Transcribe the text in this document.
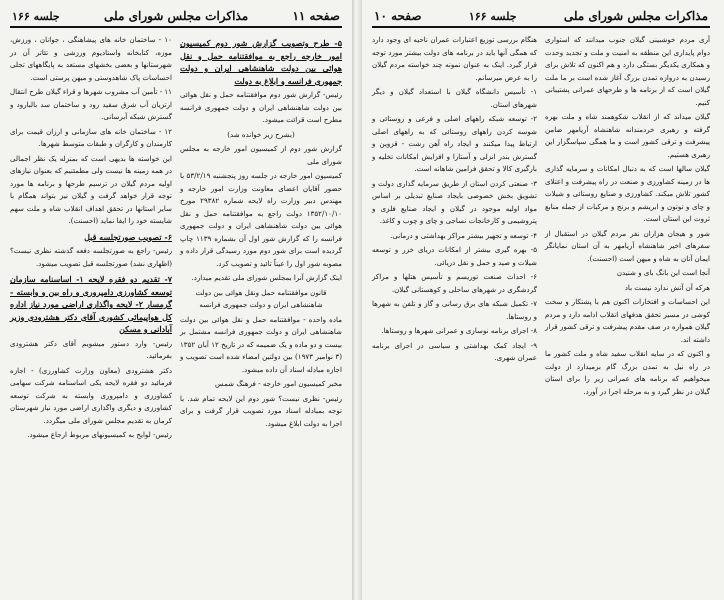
صفحه ۱۱
مذاکرات مجلس شورای ملی
جلسه ۱۶۶
۵- طرح وتصویب گزارش شور دوم کمیسیون امور خارجه راجع به موافقتنامه حمل و نقل هوائی بین دولت شاهنشاهی ایران و دولت جمهوری فرانسه و ابلاغ به دولت

رئیس- گزارش شور دوم موافقتنامه حمل و نقل هوائی بین دولت شاهنشاهی ایران و دولت جمهوری فرانسه مطرح است قرائت میشود.

(بشرح زیر خوانده شد)

گزارش شور دوم از کمیسیون امور خارجه به مجلس شورای ملی

کمیسیون امور خارجه در جلسه روز پنجشنبه ۵۳/۲/۱۹ با حضور آقایان اعضای معاونت وزارت امور خارجه و مهندس دبیر وزارت راه لایحه شماره ۲۹۳۸۲ مورخ ۱۳۵۲/۱۰/۱۰ دولت راجع به موافقتنامه حمل و نقل هوائی بین دولت شاهنشاهی ایران و دولت جمهوری فرانسه را که گزارش شور اول آن بشماره ۱۱۳۹ چاپ گردیده است برای شور دوم مورد رسیدگی قرار داده و مصوبه شور اول را عیناً تائید و تصویب کرد.

اینک گزارش آنرا بمجلس شورای ملی تقدیم میدارد.

قانون موافقتنامه حمل ونقل هوائی بین دولت شاهنشاهی ایران و دولت جمهوری فرانسه

ماده واحده - موافقتنامه حمل و نقل هوائی بین دولت شاهنشاهی ایران و دولت جمهوری فرانسه مشتمل بر بیست و دو ماده و یک ضمیمه که در تاریخ ۱۲ آبان ۱۳۵۲ (۳ نوامبر ۱۹۷۳) بین دولتین امضاء شده است تصویب و اجازه مبادله اسناد آن داده میشود.

مخبر کمیسیون امور خارجه - فرهنگ شمس

رئیس- نظری نیست؟ شور دوم این لایحه تمام شد. با توجه بمبادله اسناد مورد تصویب قرار گرفت و برای اجرا به دولت ابلاغ میشود.

۱۰ - ساختمان خانه های پیشاهنگی ، جوانان ، ورزش، موزه، کتابخانه واستادیوم ورزشی و تئاتر آن در شهرستانها و بعضی بخشهای مستعد به پایگاههای تجلی احساسات پاک شاهدوستی و میهن پرستی است.

۱۱ - تأمین آب مشروب شهرها و قراء گیلان طرح انتقال ارتزیان آب شرق سفید رود و ساختمان سد بالبارود و گسترش شبکه آبرسانی.

۱۲ - ساختمان خانه های سازمانی و ارزان قیمت برای کارمندان و کارگران و طبقات متوسط شهرها.

این خواسته ها بدیهی است که بمنزله یک نظر اجمالی در همه زمینه ها نیست ولی مطمئنیم که بعنوان نیازهای اولیه مردم گیلان در ترسیم طرحها و برنامه ها مورد توجه قرار خواهد گرفت و گیلان نیز بتواند همگام با سایر استانها در تحقق اهداف انقلاب شاه و ملت سهم شایسته خود را ایفا نماید (احسنت).

۶- تصویب صورتجلسه قبل

رئیس- راجع به صورتجلسه دفعه گذشته نظری نیست؟ (اظهاری نشد) صورتجلسه قبل تصویب میشود.

۷- تقدیم دو فقره لایحه ۱- اساسنامه سازمان توسعه کشاورزی دامپروری و راه بین و وابسته - گرمسار ۲- لایحه واگذاری اراضی مورد نیاز اداره کل هواپیمائی کشوری آقای دکتر هشترودی وزیر آبادانی و مسکن

رئیس- وارد دستور میشویم آقای دکتر هشترودی بفرمائید.

دکتر هشترودی (معاون وزارت کشاورزی) - اجازه فرمائید دو فقره لایحه یکی اساسنامه شرکت سهامی کشاورزی و دامپروری وابسته به شرکت توسعه کشاورزی و دیگری واگذاری اراضی مورد نیاز شهرستان کرمان به تقدیم مجلس شورای ملی میگردد.

رئیس- لوایح به کمیسیونهای مربوط ارجاع میشود.

مذاکرات مجلس شورای ملی
جلسه ۱۶۶
صفحه ۱۰

آری مردم خوشبینی گیلان جنوب میدانند که استواری دوام پایداری این منطقه به امنیت و ملت و تجدید وحدت و همکاری یکدیگر بستگی دارد و هم اکنون که تلاش برای رسیدن به دروازه تمدن بزرگ آغاز شده است بر ما ملت گیلان است که از برنامه ها و طرحهای عمرانی پشتیبانی کنیم.

گیلان میداند که از انقلاب شکوهمند شاه و ملت بهره گرفته و رهبری خردمندانه شاهنشاه آریامهر ضامن پیشرفت و ترقی کشور است و ما همگی سپاسگزار این رهبری هستیم.

گیلان سالها است که به دنبال امکانات و سرمایه گذاری ها در زمینه کشاورزی و صنعت در راه پیشرفت و اعتلای کشور تلاش میکند. کشاورزی و صنایع روستائی و شیلات و چای و توتون و ابریشم و برنج و مرکبات از جمله منابع ثروت این استان است.

شور و هیجان هزاران نفر مردم گیلان در استقبال از سفرهای اخیر شاهنشاه آریامهر به آن استان نمایانگر ایمان آنان به شاه و میهن است (احسنت).

آنجا است این بانگ بای و شنیدن

هرکه آن آتش ندارد نیست باد

این احساسات و افتخارات اکنون هم با پشتکار و سخت کوشی در مسیر تحقق هدفهای انقلاب ادامه دارد و مردم گیلان همواره در صف مقدم پیشرفت و ترقی کشور قرار داشته اند.

و اکنون که در سایه انقلاب سفید شاه و ملت کشور ما در راه نیل به تمدن بزرگ گام برمیدارد از دولت میخواهیم که برنامه های عمرانی زیر را برای استان گیلان در نظر گیرد و به مرحله اجرا در آورد.

هنگام بررسی توزیع اعتبارات عمران ناحیه ای وجود دارد که همگی آنها باید در برنامه های دولت بیشتر مورد توجه قرار گیرد. اینک به عنوان نمونه چند خواسته مردم گیلان را به عرض میرسانم.

۱- تأسیس دانشگاه گیلان با استعداد گیلان و دیگر شهرهای استان.

۲- توسعه شبکه راههای اصلی و فرعی و روستائی و شوسه کردن راههای روستائی که به راههای اصلی ارتباط پیدا میکنند و ایجاد راه آهن رشت - قزوین و گسترش بندر انزلی و آستارا و افزایش امکانات تخلیه و بارگیری کالا و تحقق فرامین شاهانه است.

۳- صنعتی کردن استان از طریق سرمایه گذاری دولت و تشویق بخش خصوصی بایجاد صنایع تبدیلی بر اساس مواد اولیه موجود در گیلان و ایجاد صنایع فلزی و پتروشیمی و کارخانجات نساجی و چای و چوب و کاغذ.

۴- توسعه و تجهیز بیشتر مراکز بهداشتی و درمانی.

۵- بهره گیری بیشتر از امکانات دریای خزر و توسعه شیلات و صید و حمل و نقل دریائی.

۶- احداث صنعت توریسم و تأسیس هتلها و مراکز گردشگری در شهرهای ساحلی و کوهستانی گیلان.

۷- تکمیل شبکه های برق رسانی و گاز و تلفن به شهرها و روستاها.

۸- اجرای برنامه نوسازی و عمرانی شهرها و روستاها.

۹- ایجاد کمک بهداشتی و سیاسی در اجرای برنامه عمران شهری.
